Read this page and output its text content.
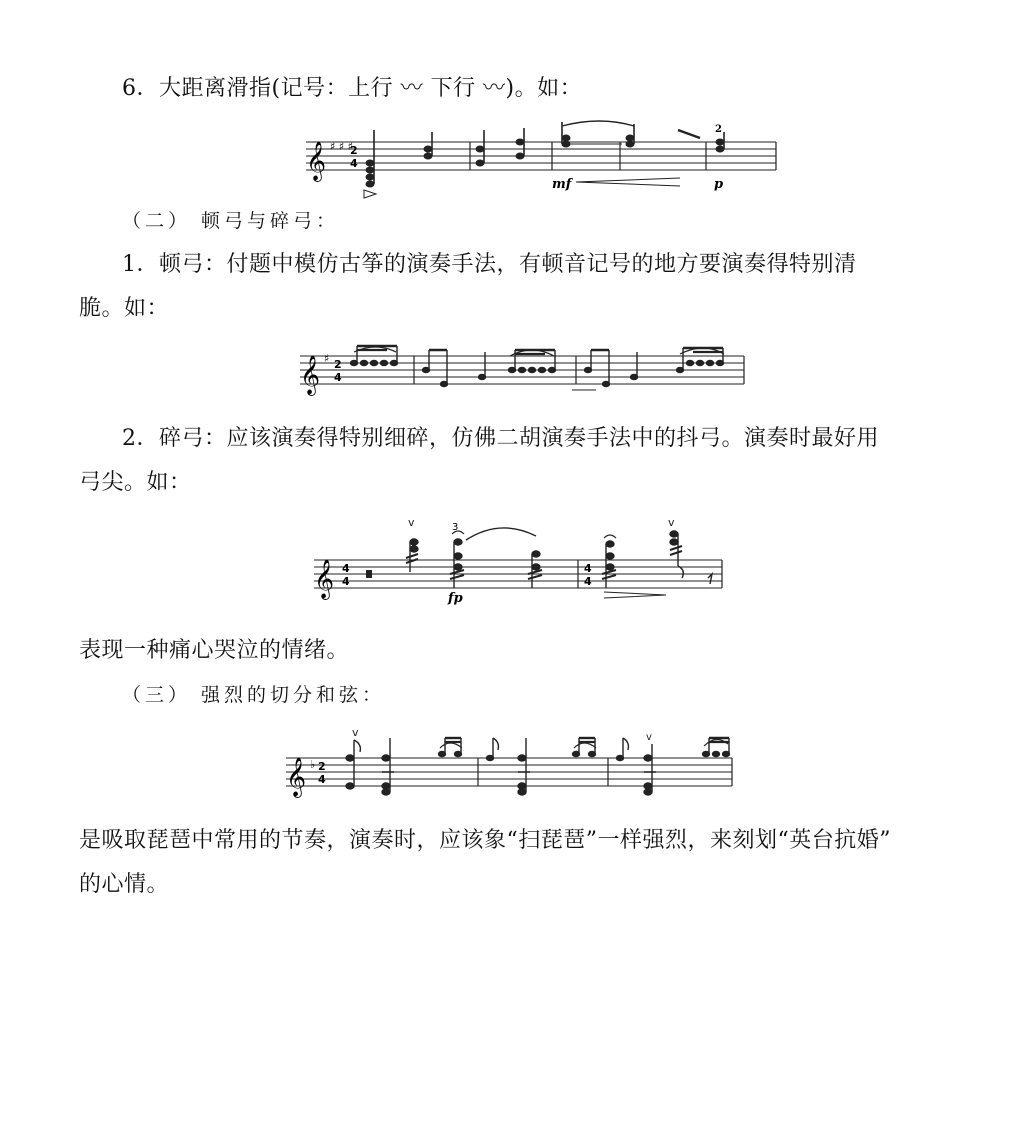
6．大距离滑指(记号：上行 〰 下行 〰)。如：

𝄞 ♯ ♯ ♯
2
4
2
mf	p

（二） 顿弓与碎弓：

1．顿弓：付题中模仿古筝的演奏手法，有顿音记号的地方要演奏得特别清

脆。如：

𝄞 ♯ 2
4

2．碎弓：应该演奏得特别细碎，仿佛二胡演奏手法中的抖弓。演奏时最好用

弓尖。如：

𝄞 4
4
v	3
fp
4
4
v

表现一种痛心哭泣的情绪。

（三） 强烈的切分和弦：

𝄞 ♭ 2
4
v	v

是吸取琵琶中常用的节奏，演奏时，应该象“扫琵琶”一样强烈，来刻划“英台抗婚”

的心情。
